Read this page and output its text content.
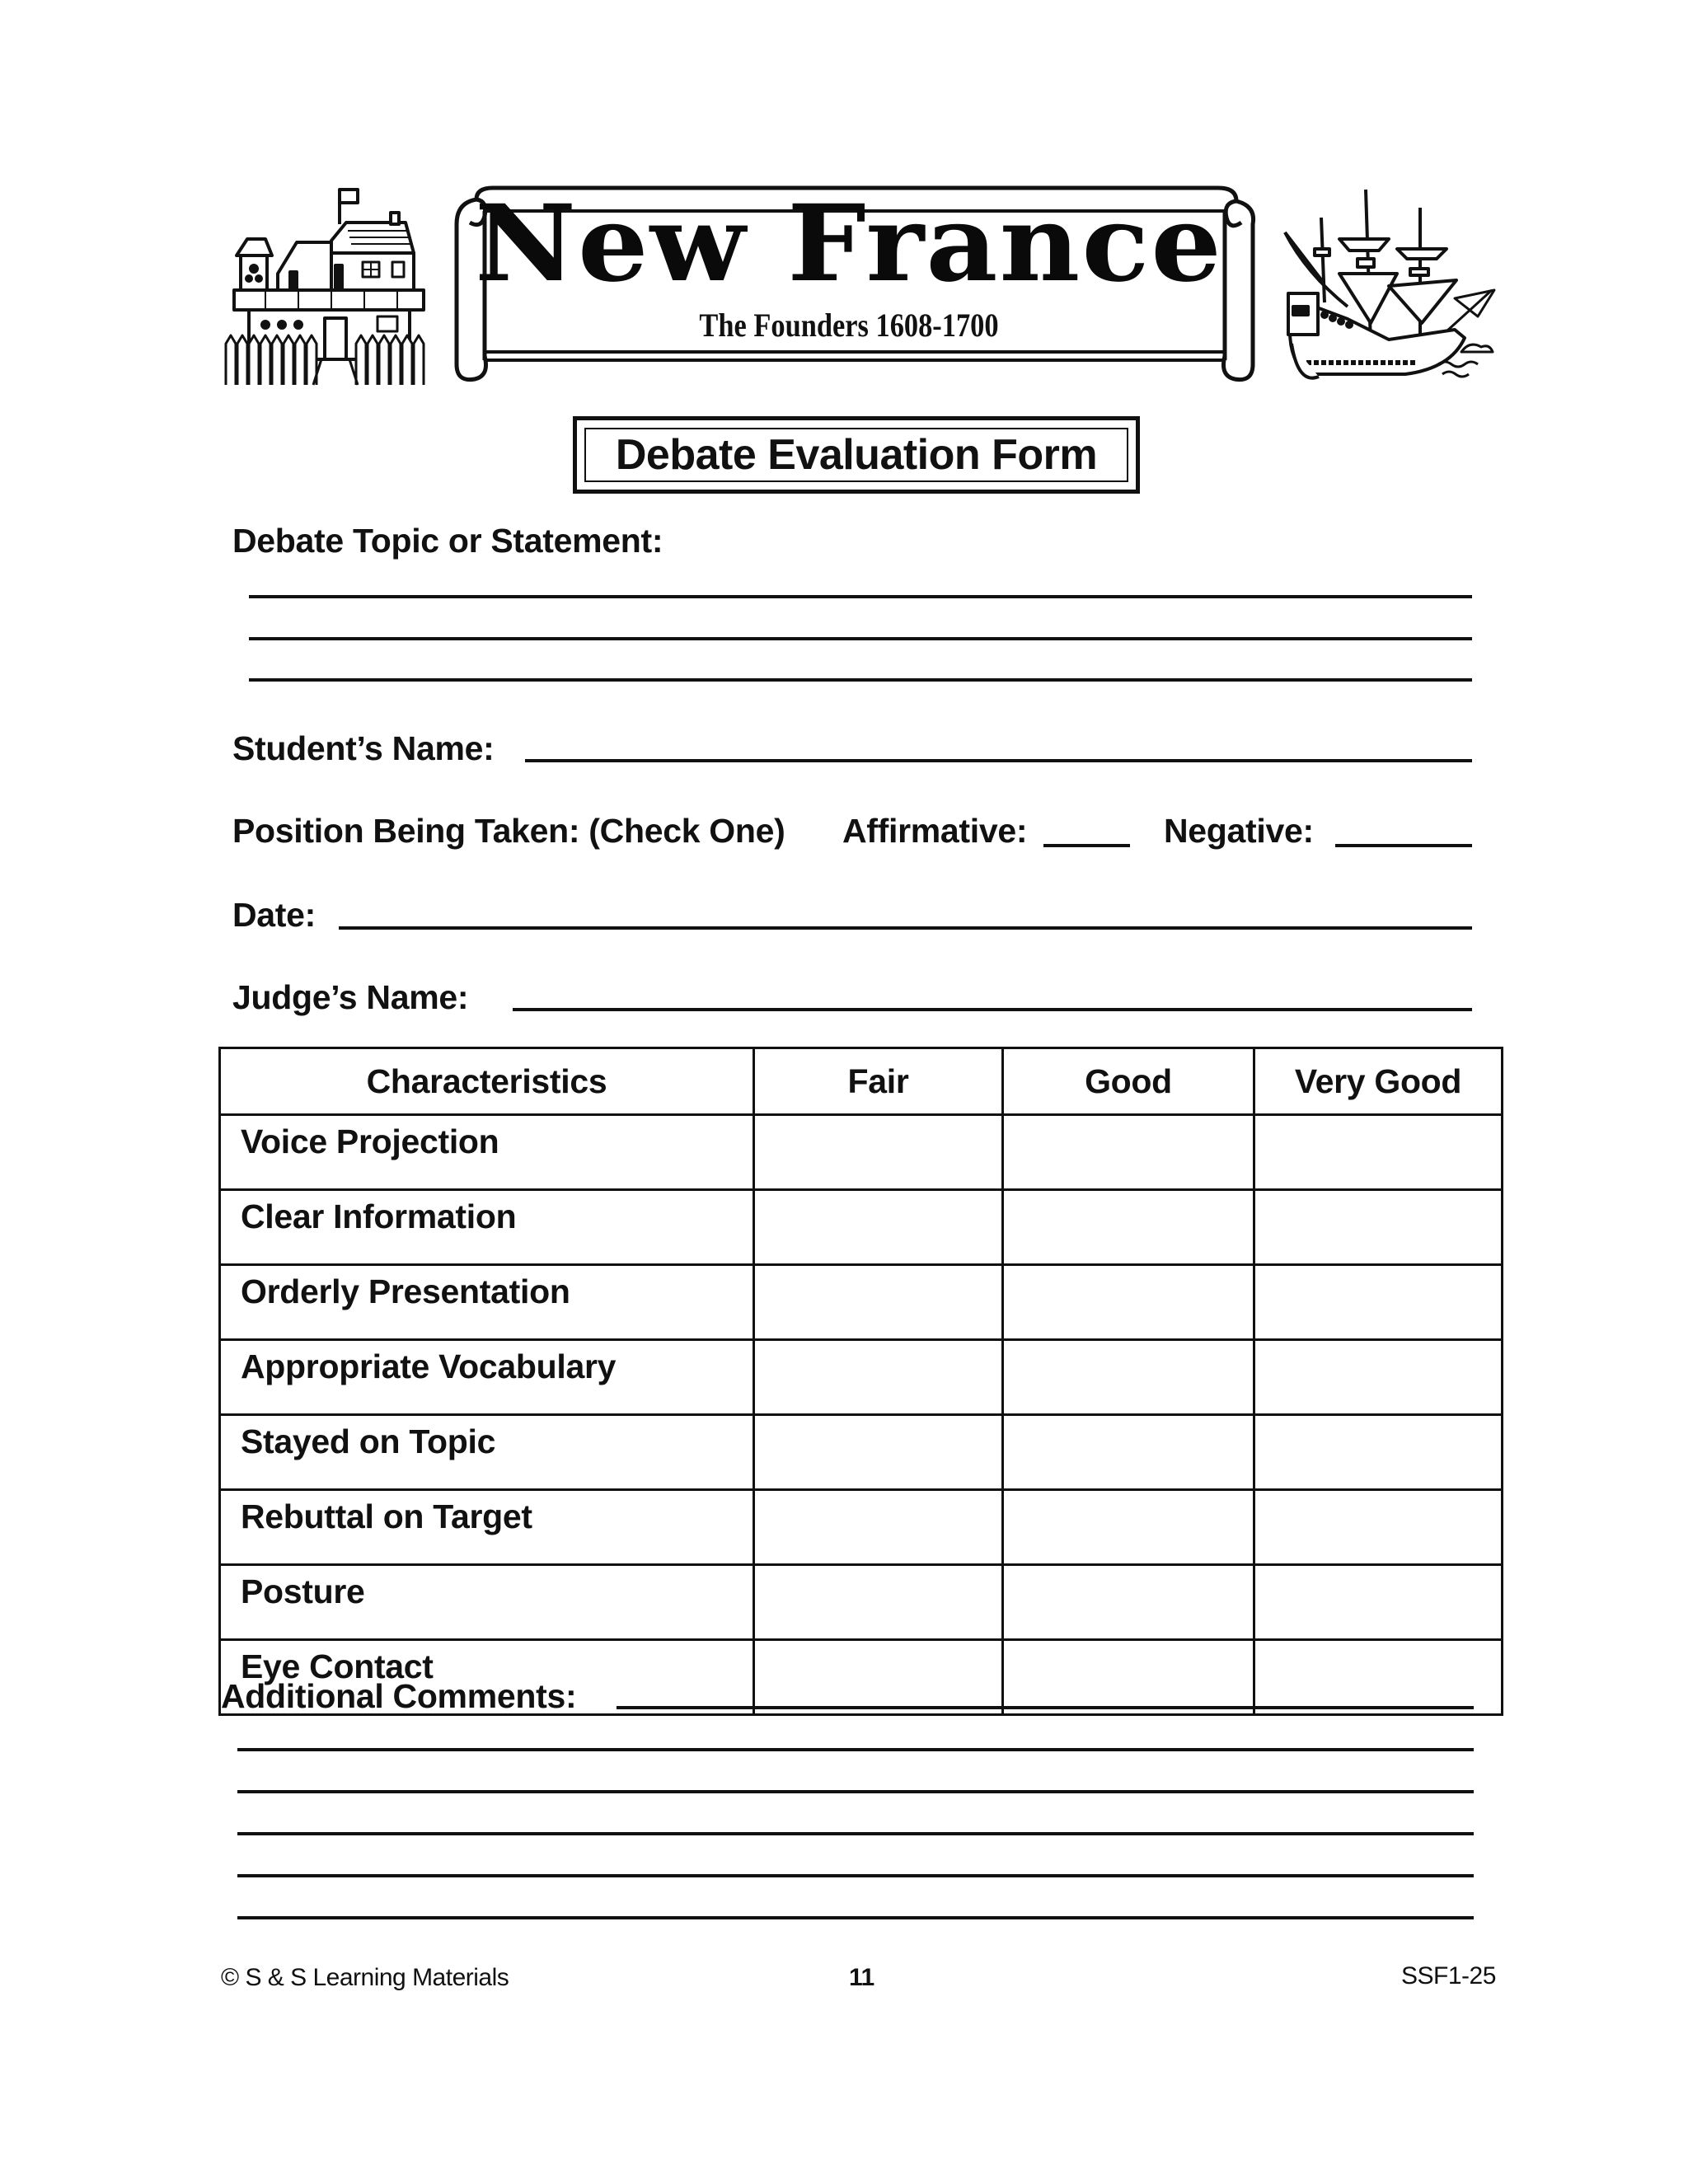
New France
The Founders 1608-1700
Debate Evaluation Form
Debate Topic or Statement:
Student’s Name:
Position Being Taken: (Check One) Affirmative:	Negative:
Date:
Judge’s Name:
Characteristics	Fair	Good	Very Good
Voice Projection			
Clear Information			
Orderly Presentation			
Appropriate Vocabulary			
Stayed on Topic			
Rebuttal on Target			
Posture			
Eye Contact			
Additional Comments:
© S & S Learning Materials	11	SSF1-25
